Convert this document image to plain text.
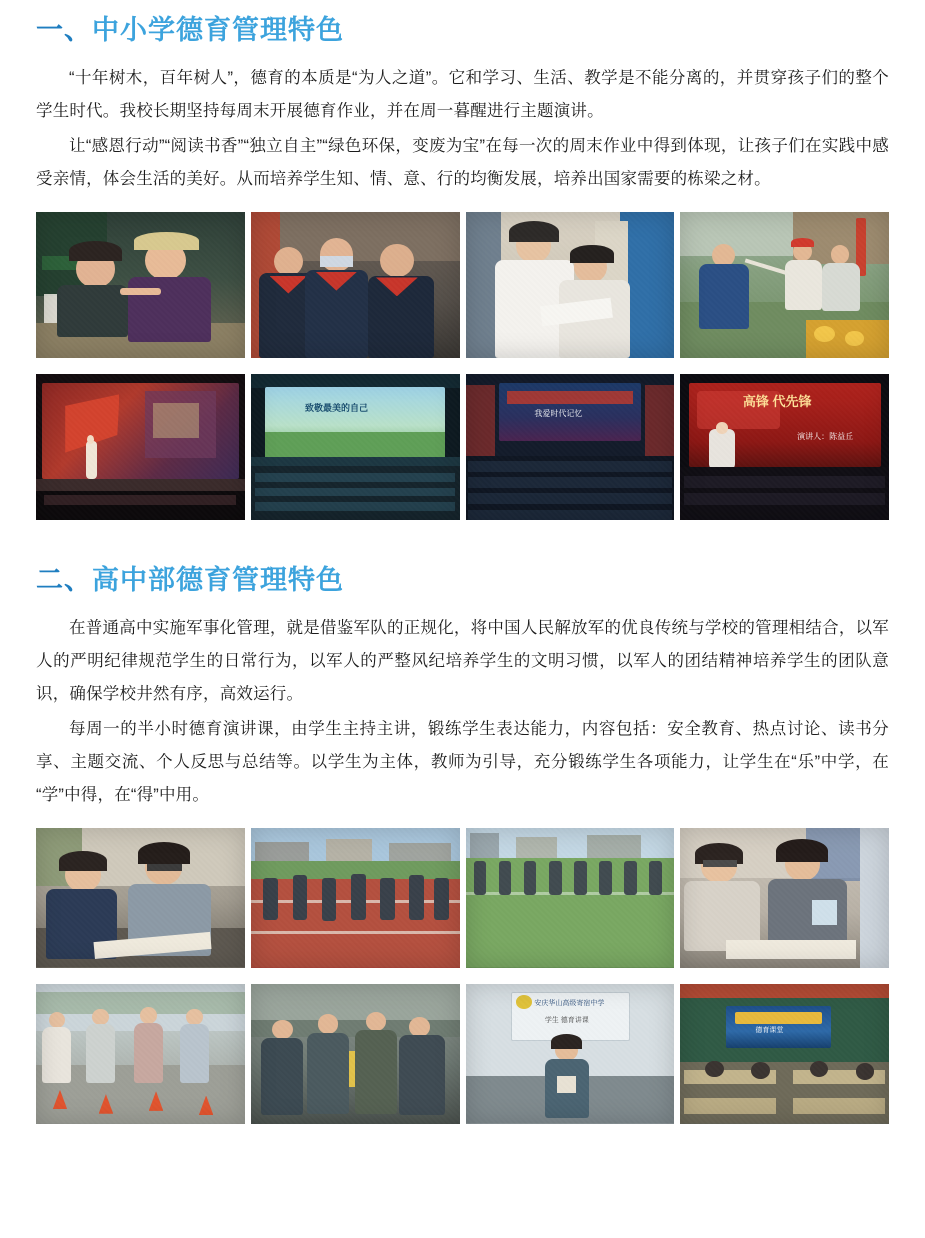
一、中小学德育管理特色

“十年树木，百年树人”，德育的本质是“为人之道”。它和学习、生活、教学是不能分离的，并贯穿孩子们的整个学生时代。我校长期坚持每周末开展德育作业，并在周一暮醒进行主题演讲。

让“感恩行动”“阅读书香”“独立自主”“绿色环保，变废为宝”在每一次的周末作业中得到体现，让孩子们在实践中感受亲情，体会生活的美好。从而培养学生知、情、意、行的均衡发展，培养出国家需要的栋梁之材。

致敬最美的自己
我爱时代记忆
高锋 代先锋
演讲人：陈益丘
二、高中部德育管理特色

在普通高中实施军事化管理，就是借鉴军队的正规化，将中国人民解放军的优良传统与学校的管理相结合，以军人的严明纪律规范学生的日常行为，以军人的严整风纪培养学生的文明习惯，以军人的团结精神培养学生的团队意识，确保学校井然有序，高效运行。

每周一的半小时德育演讲课，由学生主持主讲，锻练学生表达能力，内容包括：安全教育、热点讨论、读书分享、主题交流、个人反思与总结等。以学生为主体，教师为引导，充分锻练学生各项能力，让学生在“乐”中学，在“学”中得，在“得”中用。

安庆华山高级寄宿中学
学生 德育讲课
德育课堂
